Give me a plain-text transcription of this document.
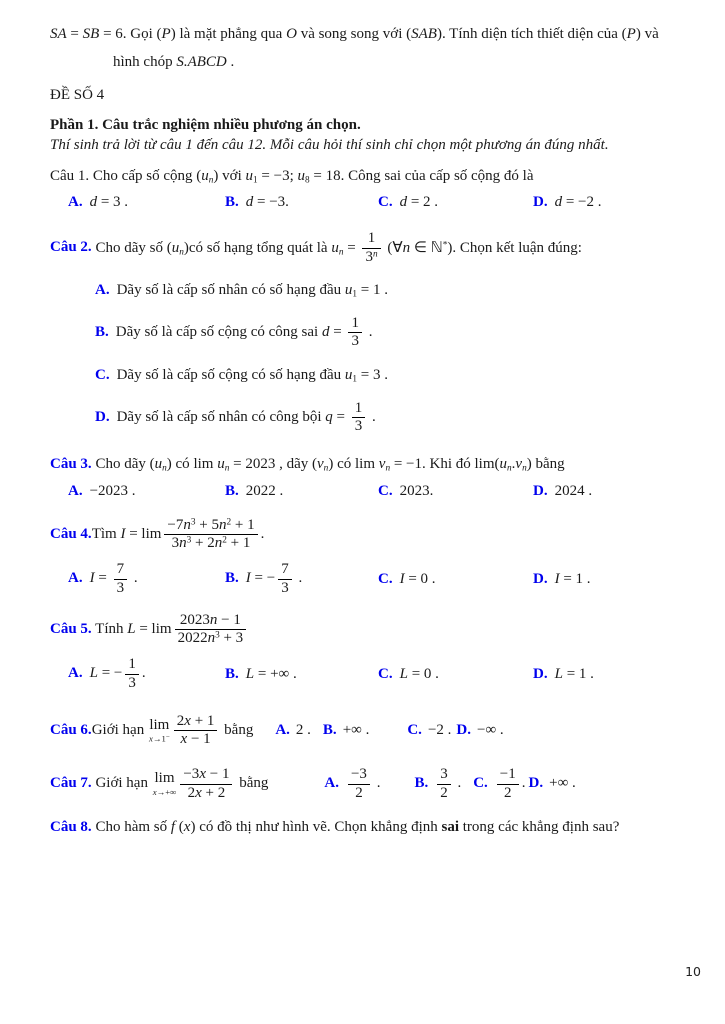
SA = SB = 6. Gọi (P) là mặt phẳng qua O và song song với (SAB). Tính diện tích thiết diện của (P) và
hình chóp S.ABCD .
ĐỀ SỐ 4
Phần 1. Câu trắc nghiệm nhiều phương án chọn.
Thí sinh trả lời từ câu 1 đến câu 12. Mỗi câu hỏi thí sinh chỉ chọn một phương án đúng nhất.
Câu 1. Cho cấp số cộng (un) với u1 = −3; u8 = 18. Công sai của cấp số cộng đó là
A. d = 3 .	B. d = −3.	C. d = 2 .	D. d = −2 .
Câu 2. Cho dãy số (un)có số hạng tổng quát là un = $\frac{1}{3^n}$ (∀n ∈ ℕ*). Chọn kết luận đúng:
A. Dãy số là cấp số nhân có số hạng đầu u1 = 1 .
B. Dãy số là cấp số cộng có công sai $d = \frac{1}{3}$ .
C. Dãy số là cấp số cộng có số hạng đầu u1 = 3 .
D. Dãy số là cấp số nhân có công bội $q = \frac{1}{3}$ .
Câu 3. Cho dãy (un) có lim un = 2023 , dãy (vn) có lim vn = −1. Khi đó lim(un.vn) bằng
A. −2023 .	B. 2022 .	C. 2023.	D. 2024 .
Câu 4.Tìm $I = \lim \frac{-7n^3 + 5n^2 + 1}{3n^3 + 2n^2 + 1}$ .
A. $I = \frac{7}{3}$ .	B. I = − $\frac{7}{3}$ .	C. I = 0 .	D. I = 1 .
Câu 5. Tính $L = \lim \frac{2023n - 1}{2022n^3 + 3}$
A. L = − $\frac{1}{3}$ .	B. L = +∞ .	C. L = 0 .	D. L = 1 .
Câu 6.Giới hạn lim
$x\to 1^- \frac{2x + 1}{x - 1}$ bằng A. 2 . B. +∞ .	C. −2 . D. −∞ .
Câu 7. Giới hạn lim
$x\to+\infty \frac{-3x - 1}{2x + 2}$ bằng	A. $\frac{-3}{2}$ . B. $\frac{3}{2}$ . C. $\frac{-1}{2}$ . D. +∞ .
Câu 8. Cho hàm số f (x) có đồ thị như hình vẽ. Chọn khẳng định sai trong các khẳng định sau?
10
